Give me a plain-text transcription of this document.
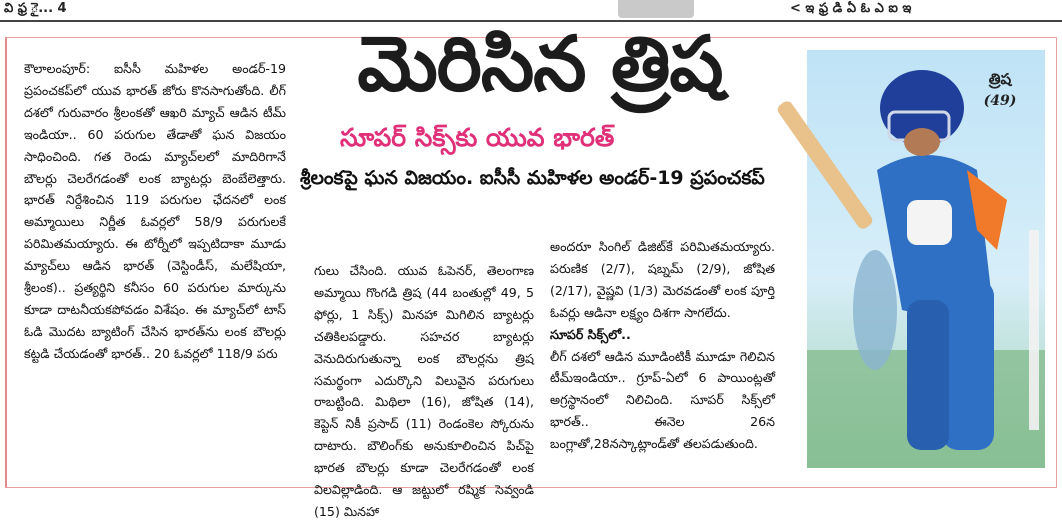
వి ఫ్ర ై... 4	< ఇ ఫ్ర డి ఏ ఓ ఎ ఐ ఇ

కౌలాలంపూర్: ఐసీసీ మహిళల అండర్-19 ప్రపంచకప్‌లో యువ భారత్ జోరు కొనసాగుతోంది. లీగ్ దశలో గురువారం శ్రీలంకతో ఆఖరి మ్యాచ్ ఆడిన టీమ్ ఇండియా.. 60 పరుగుల తేడాతో ఘన విజయం సాధించింది. గత రెండు మ్యాచ్‌లలో మాదిరిగానే బౌలర్లు చెలరేగడంతో లంక బ్యాటర్లు బెంబేలెత్తారు. భారత్ నిర్దేశించిన 119 పరుగుల ఛేదనలో లంక అమ్మాయిలు నిర్ణీత ఓవర్లలో 58/9 పరుగులకే పరిమితమయ్యారు. ఈ టోర్నీలో ఇప్పటిదాకా మూడు మ్యాచ్‌లు ఆడిన భారత్ (వెస్టిండీస్, మలేషియా, శ్రీలంక).. ప్రత్యర్థిని కనీసం 60 పరుగుల మార్కును కూడా దాటనీయకపోవడం విశేషం. ఈ మ్యాచ్‌లో టాస్ ఓడి మొదట బ్యాటింగ్ చేసిన భారత్‌ను లంక బౌలర్లు కట్టడి చేయడంతో భారత్.. 20 ఓవర్లలో 118/9 పరు

గులు చేసింది. యువ ఓపెనర్, తెలంగాణ అమ్మాయి గొంగడి త్రిష (44 బంతుల్లో 49, 5 ఫోర్లు, 1 సిక్స్) మినహా మిగిలిన బ్యాటర్లు చతికిలపడ్డారు. సహచర బ్యాటర్లు వెనుదిరుగుతున్నా లంక బౌలర్లను త్రిష సమర్థంగా ఎదుర్కొని విలువైన పరుగులు రాబట్టింది. మిథిలా (16), జోషిత (14), కెప్టెన్ నికీ ప్రసాద్ (11) రెండంకెల స్కోరును దాటారు. బౌలింగ్‌కు అనుకూలించిన పిచ్‌పై భారత బౌలర్లు కూడా చెలరేగడంతో లంక విలవిల్లాడింది. ఆ జట్టులో రష్మిక సెవ్వండి (15) మినహా

అందరూ సింగిల్ డిజిట్‌కే పరిమితమయ్యారు. పరుణిక (2/7), షబ్నమ్ (2/9), జోషిత (2/17), వైష్ణవి (1/3) మెరవడంతో లంక పూర్తి ఓవర్లు ఆడినా లక్ష్యం దిశగా సాగలేదు.

సూపర్ సిక్స్‌లో..

లీగ్ దశలో ఆడిన మూడింటికీ మూడూ గెలిచిన టీమ్‌ఇండియా.. గ్రూప్-ఏలో 6 పాయింట్లతో అగ్రస్థానంలో నిలిచింది. సూపర్ సిక్స్‌లో భారత్.. ఈనెల 26న బంగ్లాతో,28నస్కాట్లాండ్‌తో తలపడుతుంది.

మెరిసిన త్రిష
సూపర్ సిక్స్‌కు యువ భారత్
శ్రీలంకపై ఘన విజయం. ఐసీసీ మహిళల అండర్-19 ప్రపంచకప్
త్రిష
(49)
